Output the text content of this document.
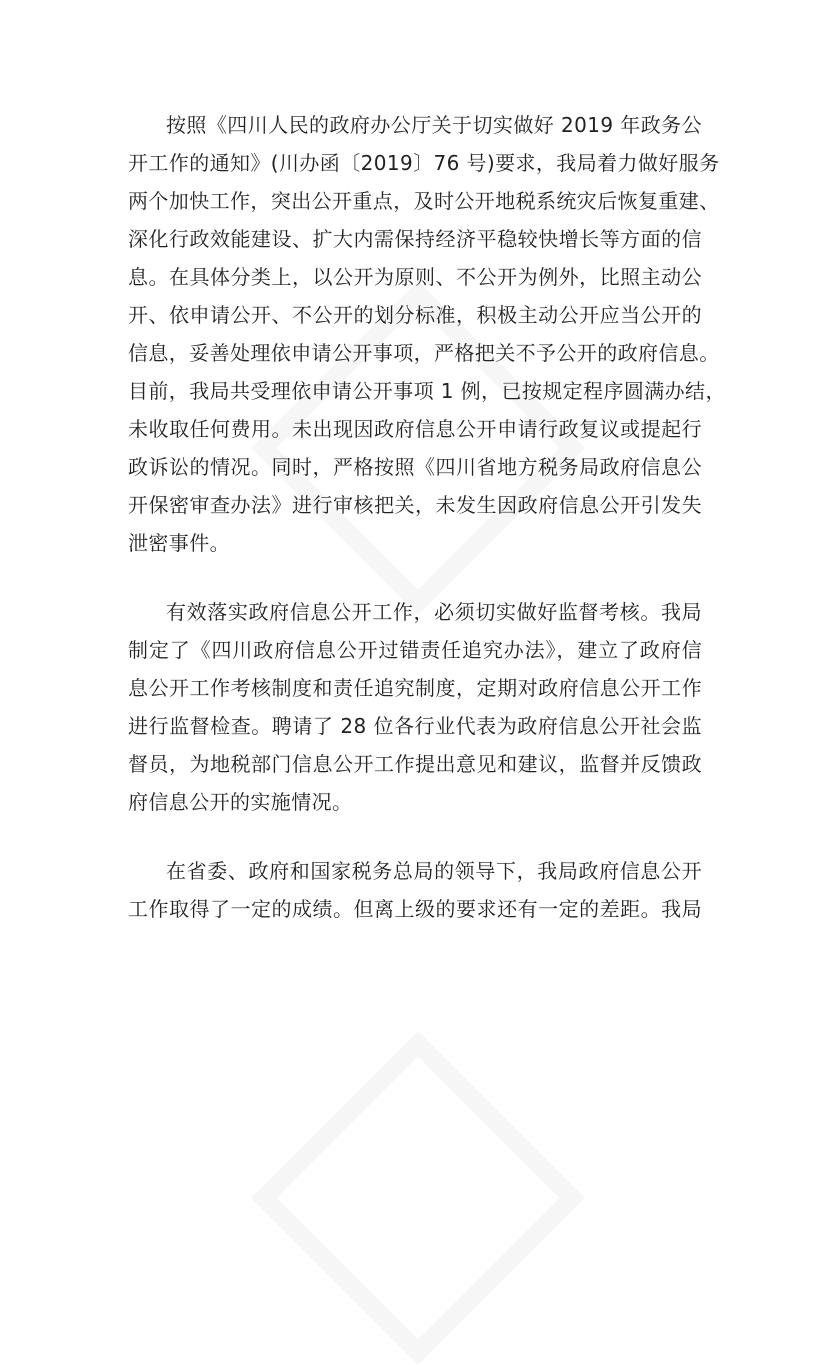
按照《四川人民的政府办公厅关于切实做好 2019 年政务公
开工作的通知》(川办函〔2019〕76 号)要求，我局着力做好服务
两个加快工作，突出公开重点，及时公开地税系统灾后恢复重建、
深化行政效能建设、扩大内需保持经济平稳较快增长等方面的信
息。在具体分类上，以公开为原则、不公开为例外，比照主动公
开、依申请公开、不公开的划分标准，积极主动公开应当公开的
信息，妥善处理依申请公开事项，严格把关不予公开的政府信息。
目前，我局共受理依申请公开事项 1 例，已按规定程序圆满办结，
未收取任何费用。未出现因政府信息公开申请行政复议或提起行
政诉讼的情况。同时，严格按照《四川省地方税务局政府信息公
开保密审查办法》进行审核把关，未发生因政府信息公开引发失
泄密事件。
有效落实政府信息公开工作，必须切实做好监督考核。我局
制定了《四川政府信息公开过错责任追究办法》，建立了政府信
息公开工作考核制度和责任追究制度，定期对政府信息公开工作
进行监督检查。聘请了 28 位各行业代表为政府信息公开社会监
督员，为地税部门信息公开工作提出意见和建议，监督并反馈政
府信息公开的实施情况。
在省委、政府和国家税务总局的领导下，我局政府信息公开
工作取得了一定的成绩。但离上级的要求还有一定的差距。我局
